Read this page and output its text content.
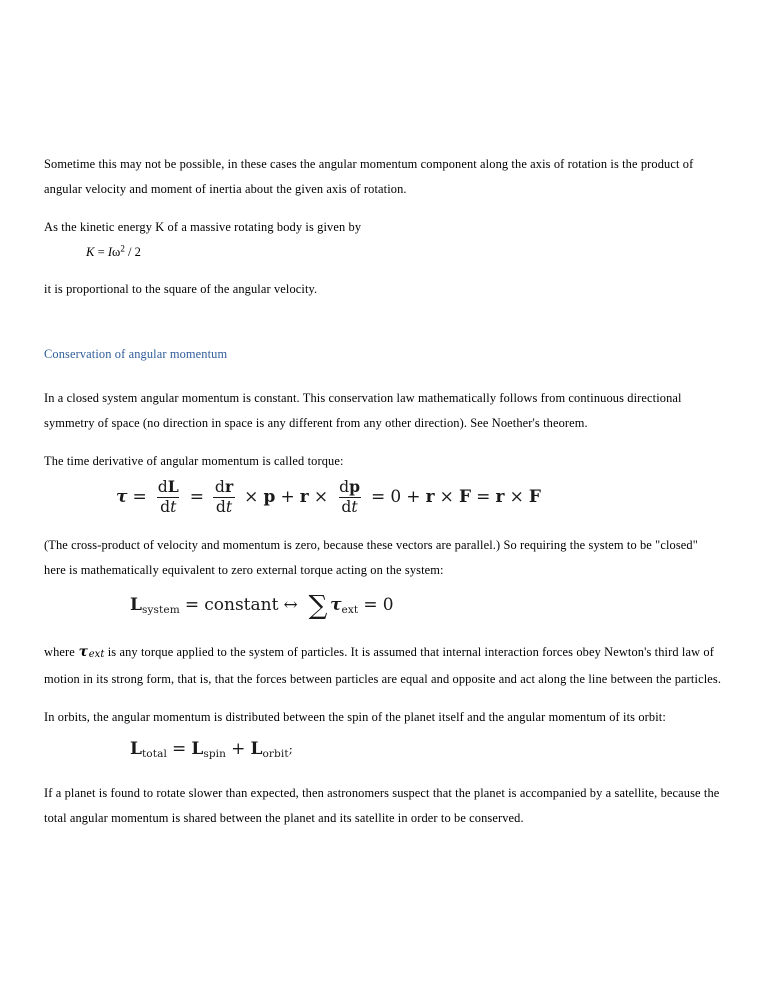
Sometime this may not be possible, in these cases the angular momentum component along the axis of rotation is the product of angular velocity and moment of inertia about the given axis of rotation.

As the kinetic energy K of a massive rotating body is given by

$K = I\omega^2 / 2$

it is proportional to the square of the angular velocity.

Conservation of angular momentum

In a closed system angular momentum is constant. This conservation law mathematically follows from continuous directional symmetry of space (no direction in space is any different from any other direction). See Noether's theorem.

The time derivative of angular momentum is called torque:

$\tau = \frac{dL}{dt} = \frac{dr}{dt} \times p + r \times \frac{dp}{dt} = 0 + r \times F = r \times F$

(The cross-product of velocity and momentum is zero, because these vectors are parallel.) So requiring the system to be "closed" here is mathematically equivalent to zero external torque acting on the system:

$L_{system}$ = constant ↔ ∑ $\tau_{ext} = 0$

where τext is any torque applied to the system of particles. It is assumed that internal interaction forces obey Newton's third law of motion in its strong form, that is, that the forces between particles are equal and opposite and act along the line between the particles.

In orbits, the angular momentum is distributed between the spin of the planet itself and the angular momentum of its orbit:

$L_{total} = L_{spin} + L_{orbit}$ ;

If a planet is found to rotate slower than expected, then astronomers suspect that the planet is accompanied by a satellite, because the total angular momentum is shared between the planet and its satellite in order to be conserved.
